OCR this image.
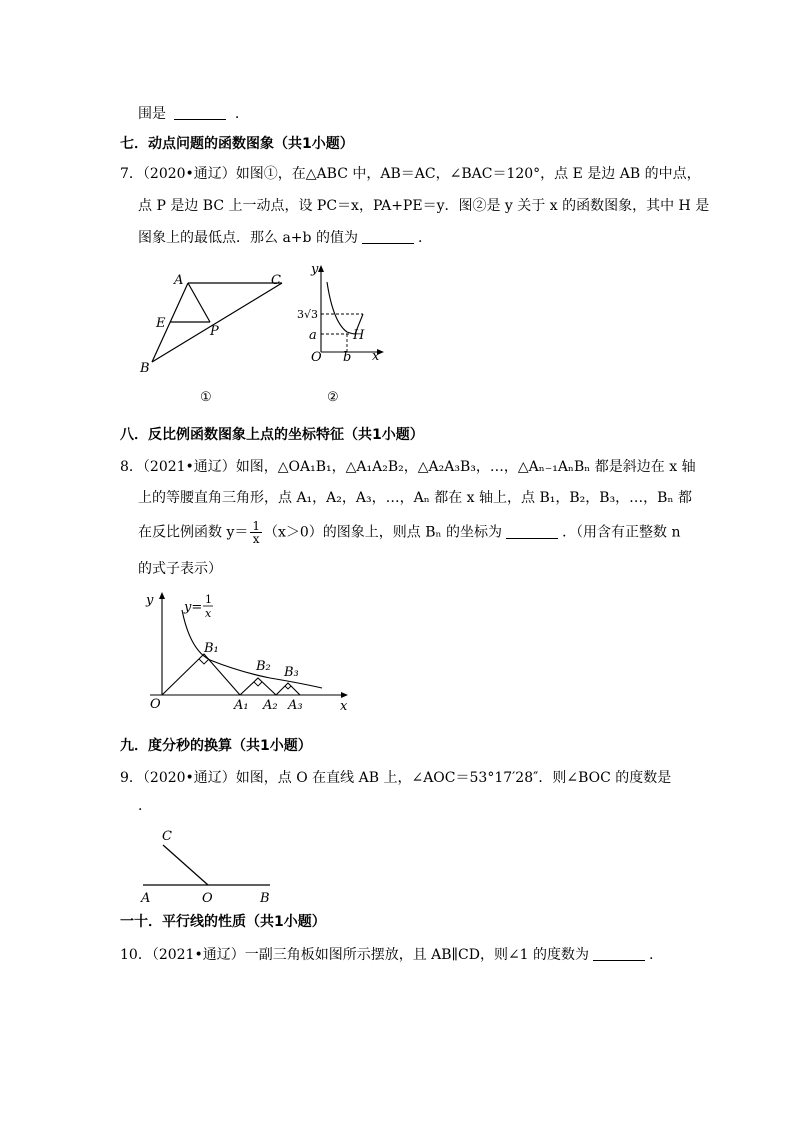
围是	.
七．动点问题的函数图象（共1小题）
7．（2020•通辽）如图①，在△ABC 中，AB＝AC，∠BAC＝120°，点 E 是边 AB 的中点，
点 P 是边 BC 上一动点，设 PC＝x，PA+PE＝y．图②是 y 关于 x 的函数图象，其中 H 是
图象上的最低点．那么 a+b 的值为	.
A	C
E
P
B
①
y
x
O
3√3
a
b
H
②
八．反比例函数图象上点的坐标特征（共1小题）
8．（2021•通辽）如图，△OA₁B₁，△A₁A₂B₂，△A₂A₃B₃，…，△Aₙ₋₁AₙBₙ 都是斜边在 x 轴
上的等腰直角三角形，点 A₁，A₂，A₃，…，Aₙ 都在 x 轴上，点 B₁，B₂，B₃，…，Bₙ 都
在反比例函数 $y= \frac{1}{x} (x>0)$的图象上，则点 Bₙ 的坐标为	．（用含有正整数 n
的式子表示）
y
x
O
y=
1
x
B₁
B₂ B₃
A₁ A₂ A₃
九．度分秒的换算（共1小题）
9．（2020•通辽）如图，点 O 在直线 AB 上，∠AOC＝53°17′28″．则∠BOC 的度数是
.
C
A	O	B
一十．平行线的性质（共1小题）
10．（2021•通辽）一副三角板如图所示摆放，且 AB∥CD，则∠1 的度数为	.
